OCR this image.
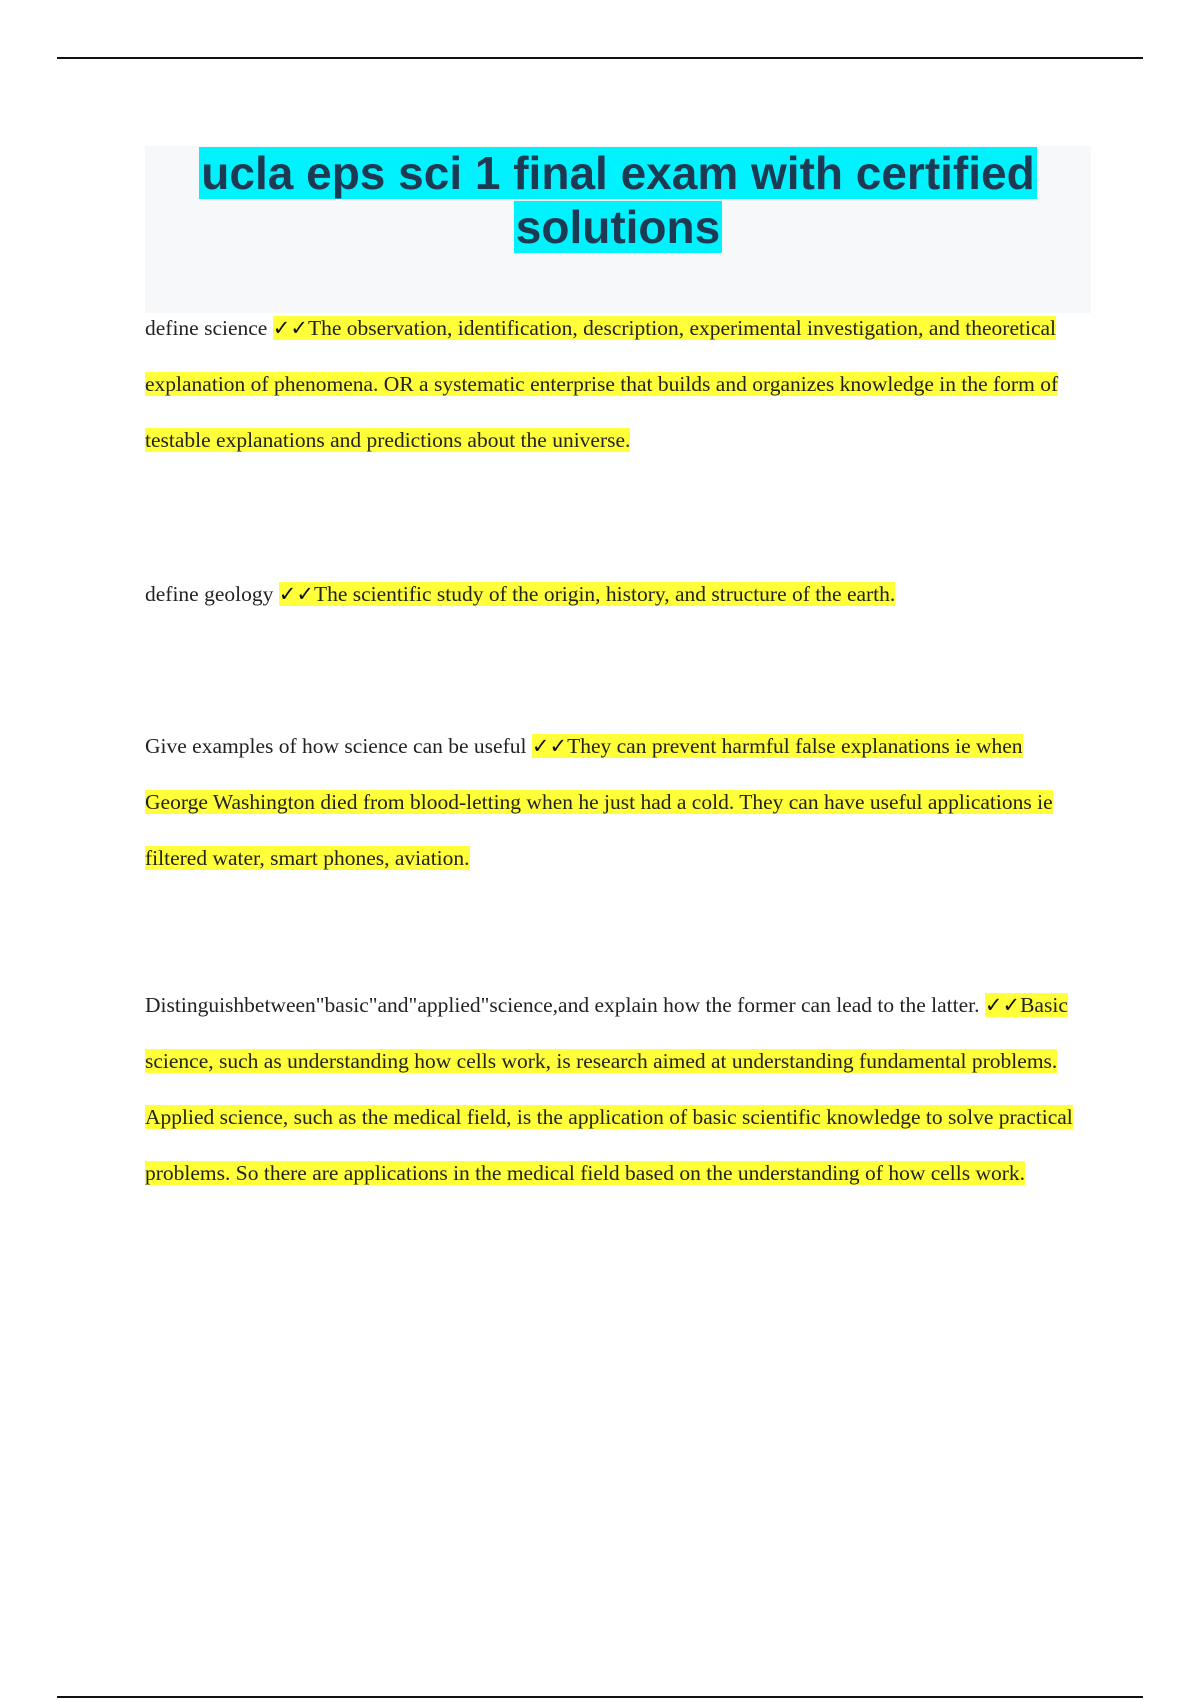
ucla eps sci 1 final exam with certified solutions

define science ✓✓The observation, identification, description, experimental investigation, and theoretical explanation of phenomena. OR a systematic enterprise that builds and organizes knowledge in the form of testable explanations and predictions about the universe.

define geology ✓✓The scientific study of the origin, history, and structure of the earth.

Give examples of how science can be useful ✓✓They can prevent harmful false explanations ie when George Washington died from blood-letting when he just had a cold. They can have useful applications ie filtered water, smart phones, aviation.

Distinguishbetween"basic"and"applied"science,and explain how the former can lead to the latter. ✓✓Basic science, such as understanding how cells work, is research aimed at understanding fundamental problems. Applied science, such as the medical field, is the application of basic scientific knowledge to solve practical problems. So there are applications in the medical field based on the understanding of how cells work.
